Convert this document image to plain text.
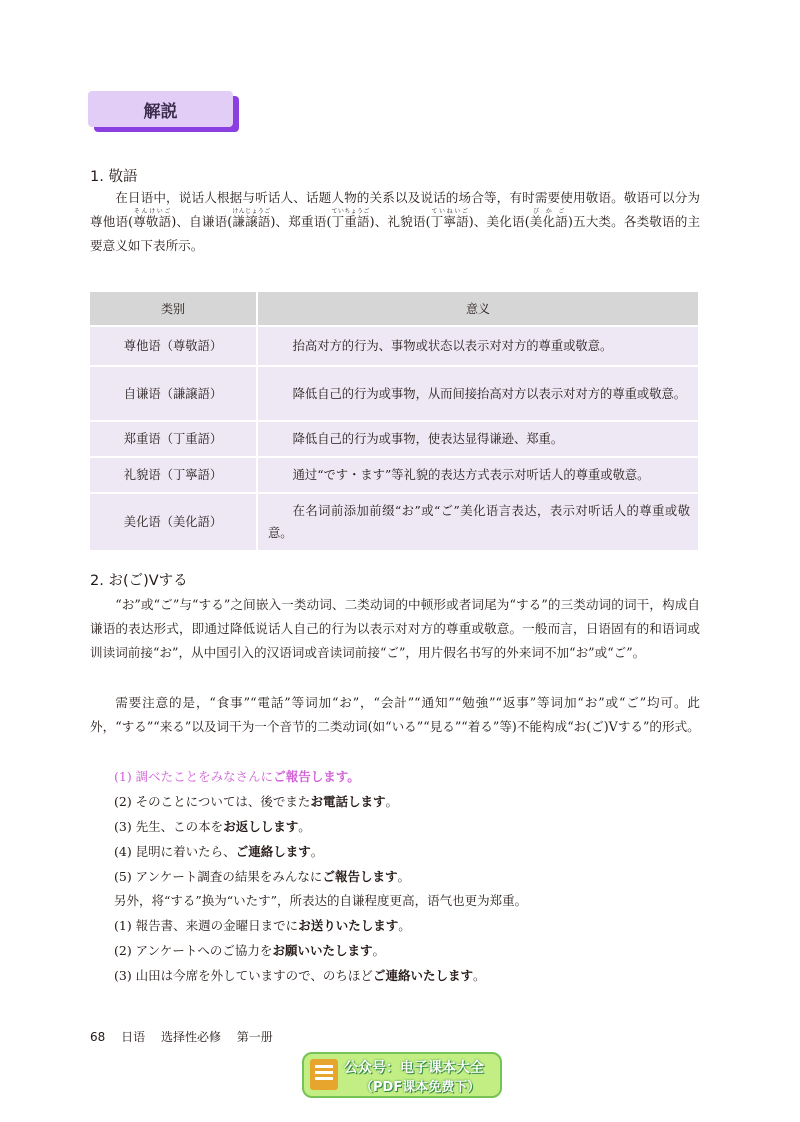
解説
1. 敬語

在日语中，说话人根据与听话人、话题人物的关系以及说话的场合等，有时需要使用敬语。敬语可以分为尊他语(尊敬語そんけいご)、自谦语(謙譲語けんじょうご)、郑重语(丁重語ていちょうご)、礼貌语(丁寧語ていねいご)、美化语(美化語びかご)五大类。各类敬语的主要意义如下表所示。

类别	意义
尊他语（尊敬語）	抬高对方的行为、事物或状态以表示对对方的尊重或敬意。
自谦语（謙譲語）	降低自己的行为或事物，从而间接抬高对方以表示对对方的尊重或敬意。
郑重语（丁重語）	降低自己的行为或事物，使表达显得谦逊、郑重。
礼貌语（丁寧語）	通过“です・ます”等礼貌的表达方式表示对听话人的尊重或敬意。
美化语（美化語）	在名词前添加前缀“お”或“ご”美化语言表达，表示对听话人的尊重或敬意。
2. お(ご)Vする

“お”或“ご”与“する”之间嵌入一类动词、二类动词的中顿形或者词尾为“する”的三类动词的词干，构成自谦语的表达形式，即通过降低说话人自己的行为以表示对对方的尊重或敬意。一般而言，日语固有的和语词或训读词前接“お”，从中国引入的汉语词或音读词前接“ご”，用片假名书写的外来词不加“お”或“ご”。

需要注意的是，“食事”“電話”等词加“お”，“会計”“通知”“勉強”“返事”等词加“お”或“ご”均可。此外，“する”“来る”以及词干为一个音节的二类动词(如“いる”“見る”“着る”等)不能构成“お(ご)Vする”的形式。

(1) 調べたことをみなさんにご報告します。
(2) そのことについては、後でまたお電話します。
(3) 先生、この本をお返しします。
(4) 昆明に着いたら、ご連絡します。
(5) アンケート調査の結果をみんなにご報告します。
另外，将“する”换为“いたす”，所表达的自谦程度更高，语气也更为郑重。
(1) 報告書、来週の金曜日までにお送りいたします。
(2) アンケートへのご協力をお願いいたします。
(3) 山田は今席を外していますので、のちほどご連絡いたします。
68 日语 选择性必修 第一册
公众号：电子课本大全
（PDF课本免费下）
